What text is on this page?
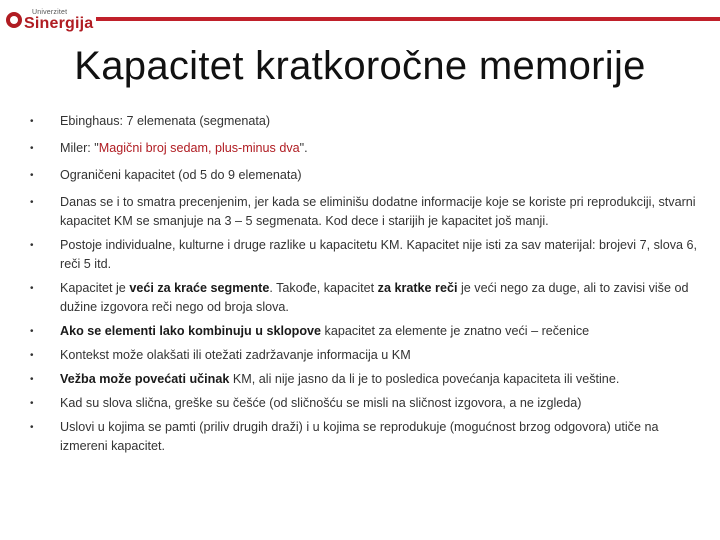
Univerzitet
Sinergija
Kapacitet kratkoročne memorije
• Ebinghaus: 7 elemenata (segmenata)
• Miler: "Magični broj sedam, plus-minus dva".
• Ograničeni kapacitet (od 5 do 9 elemenata)
• Danas se i to smatra precenjenim, jer kada se eliminišu dodatne informacije koje se koriste pri reprodukciji, stvarni kapacitet KM se smanjuje na 3 – 5 segmenata. Kod dece i starijih je kapacitet još manji.
• Postoje individualne, kulturne i druge razlike u kapacitetu KM. Kapacitet nije isti za sav materijal: brojevi 7, slova 6, reči 5 itd.
• Kapacitet je veći za kraće segmente. Takođe, kapacitet za kratke reči je veći nego za duge, ali to zavisi više od dužine izgovora reči nego od broja slova.
• Ako se elementi lako kombinuju u sklopove kapacitet za elemente je znatno veći – rečenice
• Kontekst može olakšati ili otežati zadržavanje informacija u KM
• Vežba može povećati učinak KM, ali nije jasno da li je to posledica povećanja kapaciteta ili veštine.
• Kad su slova slična, greške su češće (od sličnošću se misli na sličnost izgovora, a ne izgleda)
• Uslovi u kojima se pamti (priliv drugih draži) i u kojima se reprodukuje (mogućnost brzog odgovora) utiče na izmereni kapacitet.
